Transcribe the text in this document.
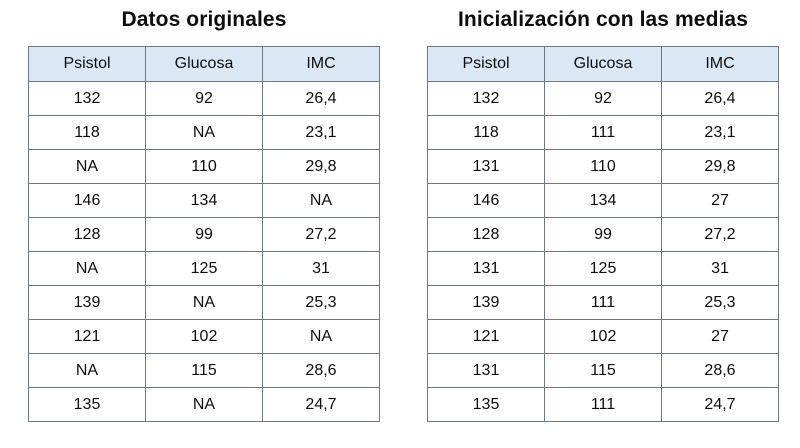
Datos originales
Psistol	Glucosa	IMC
132	92	26,4
118	NA	23,1
NA	110	29,8
146	134	NA
128	99	27,2
NA	125	31
139	NA	25,3
121	102	NA
NA	115	28,6
135	NA	24,7
Inicialización con las medias
Psistol	Glucosa	IMC
132	92	26,4
118	111	23,1
131	110	29,8
146	134	27
128	99	27,2
131	125	31
139	111	25,3
121	102	27
131	115	28,6
135	111	24,7
